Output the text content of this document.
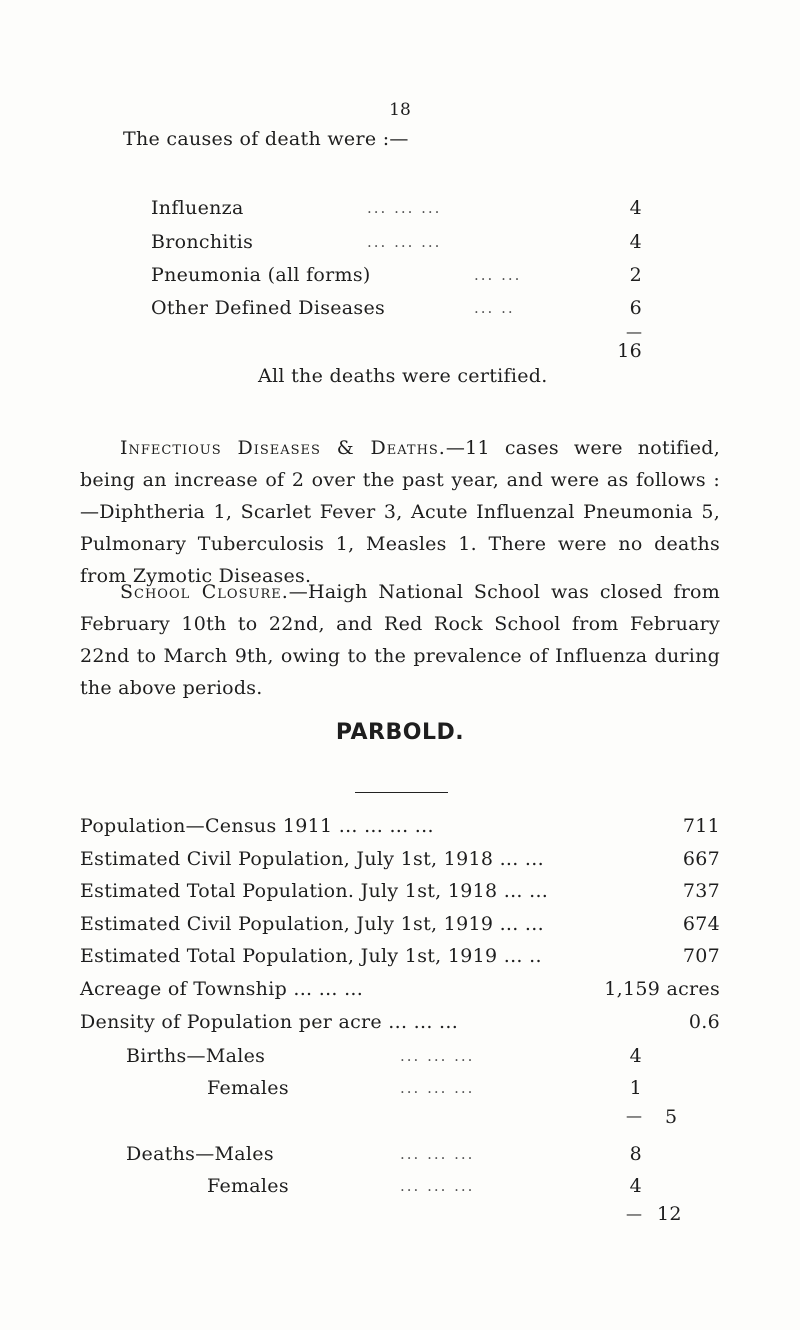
18
The causes of death were :—
Influenza	... ... ...	4
Bronchitis	... ... ...	4
Pneumonia (all forms)	... ...	2
Other Defined Diseases	... ..	6
—
16
All the deaths were certified.
Infectious Diseases & Deaths.—11 cases were notified, being an increase of 2 over the past year, and were as follows :—Diphtheria 1, Scarlet Fever 3, Acute Influenzal Pneumonia 5, Pulmonary Tuberculosis 1, Measles 1. There were no deaths from Zymotic Diseases.
School Closure.—Haigh National School was closed from February 10th to 22nd, and Red Rock School from February 22nd to March 9th, owing to the prevalence of Influenza during the above periods.
PARBOLD.
Population—Census 1911 ... ... ... ...	711
Estimated Civil Population, July 1st, 1918 ... ...	667
Estimated Total Population. July 1st, 1918 ... ...	737
Estimated Civil Population, July 1st, 1919 ... ...	674
Estimated Total Population, July 1st, 1919 ... ..	707
Acreage of Township ... ... ...	1,159 acres
Density of Population per acre ... ... ...	0.6
Births—Males	... ... ...	4
Females	... ... ...	1
— 5
Deaths—Males	... ... ...	8
Females	... ... ...	4
— 12
